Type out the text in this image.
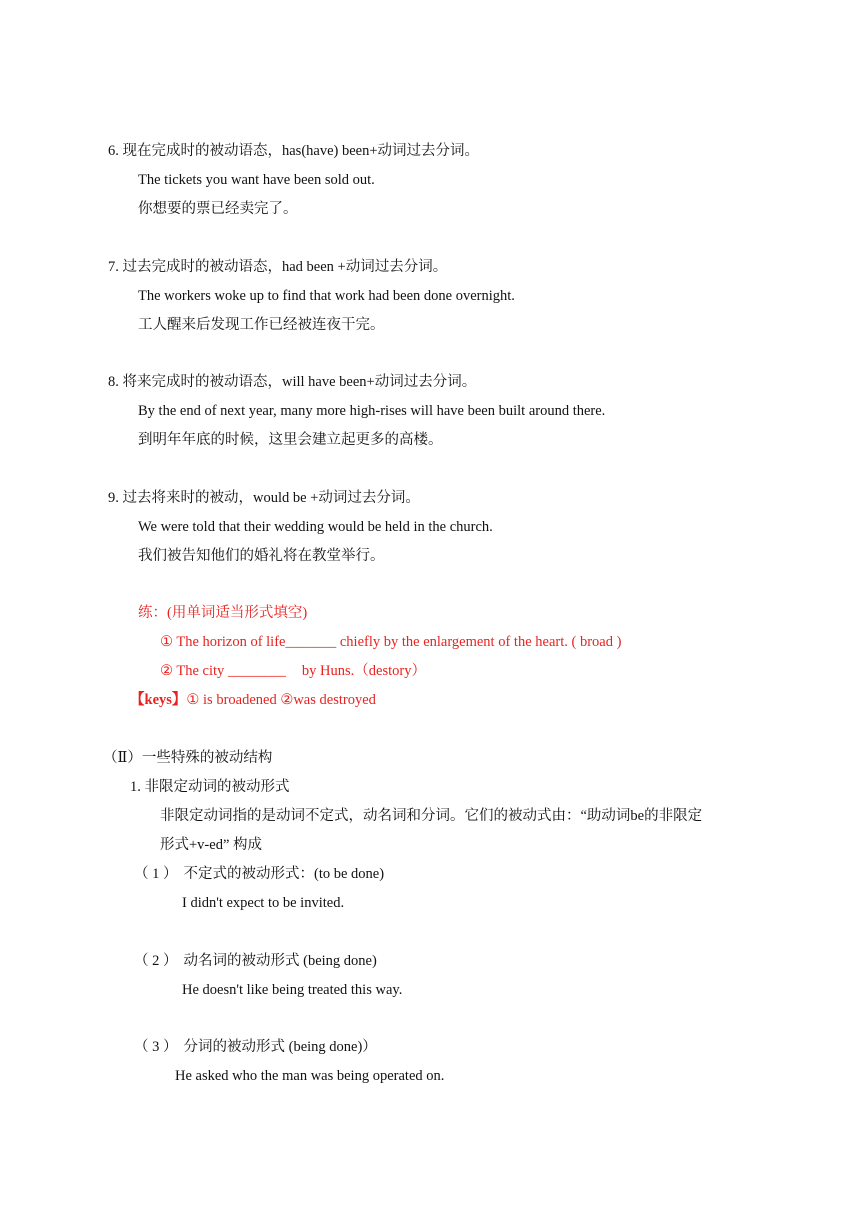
6. 现在完成时的被动语态，has(have) been+动词过去分词。
The tickets you want have been sold out.
你想要的票已经卖完了。
7. 过去完成时的被动语态，had been +动词过去分词。
The workers woke up to find that work had been done overnight.
工人醒来后发现工作已经被连夜干完。
8. 将来完成时的被动语态，will have been+动词过去分词。
By the end of next year, many more high-rises will have been built around there.
到明年年底的时候，这里会建立起更多的高楼。
9. 过去将来时的被动，would be +动词过去分词。
We were told that their wedding would be held in the church.
我们被告知他们的婚礼将在教堂举行。
练：(用单词适当形式填空)
① The horizon of life_______ chiefly by the enlargement of the heart. ( broad )
② The city ________ by Huns.（destory）
【keys】① is broadened ②was destroyed
（Ⅱ）一些特殊的被动结构
1. 非限定动词的被动形式
非限定动词指的是动词不定式，动名词和分词。它们的被动式由：“助动词be的非限定
形式+v-ed” 构成
（ 1 ） 不定式的被动形式：(to be done)
I didn't expect to be invited.
（ 2 ） 动名词的被动形式 (being done)
He doesn't like being treated this way.
（ 3 ） 分词的被动形式 (being done)）
He asked who the man was being operated on.
